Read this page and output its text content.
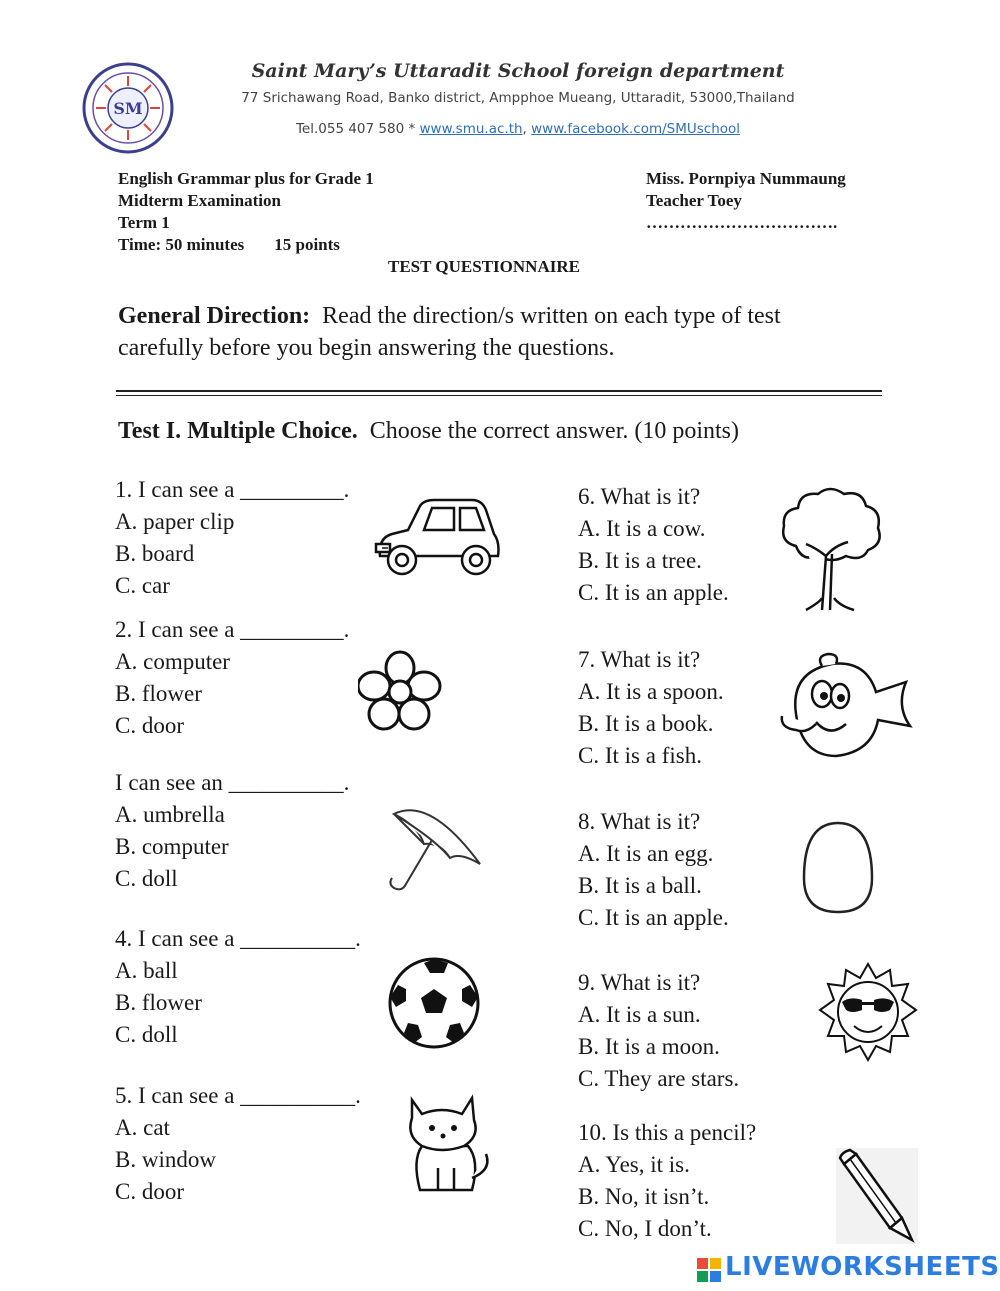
SM
Saint Mary’s Uttaradit School foreign department
77 Srichawang Road, Banko district, Ampphoe Mueang, Uttaradit, 53000,Thailand
Tel.055 407 580 * www.smu.ac.th, www.facebook.com/SMUschool
English Grammar plus for Grade 1
Midterm Examination
Term 1
Time: 50 minutes 15 points
Miss. Pornpiya Nummaung
Teacher Toey
…………………………….
TEST QUESTIONNAIRE
General Direction: Read the direction/s written on each type of test carefully before you begin answering the questions.
Test I. Multiple Choice. Choose the correct answer. (10 points)
1. I can see a _________.
A. paper clip
B. board
C. car
2. I can see a _________.
A. computer
B. flower
C. door
I can see an __________.
A. umbrella
B. computer
C. doll
4. I can see a __________.
A. ball
B. flower
C. doll
5. I can see a __________.
A. cat
B. window
C. door
6. What is it?
A. It is a cow.
B. It is a tree.
C. It is an apple.
7. What is it?
A. It is a spoon.
B. It is a book.
C. It is a fish.
8. What is it?
A. It is an egg.
B. It is a ball.
C. It is an apple.
9. What is it?
A. It is a sun.
B. It is a moon.
C. They are stars.
10. Is this a pencil?
A. Yes, it is.
B. No, it isn’t.
C. No, I don’t.
LIVEWORKSHEETS
